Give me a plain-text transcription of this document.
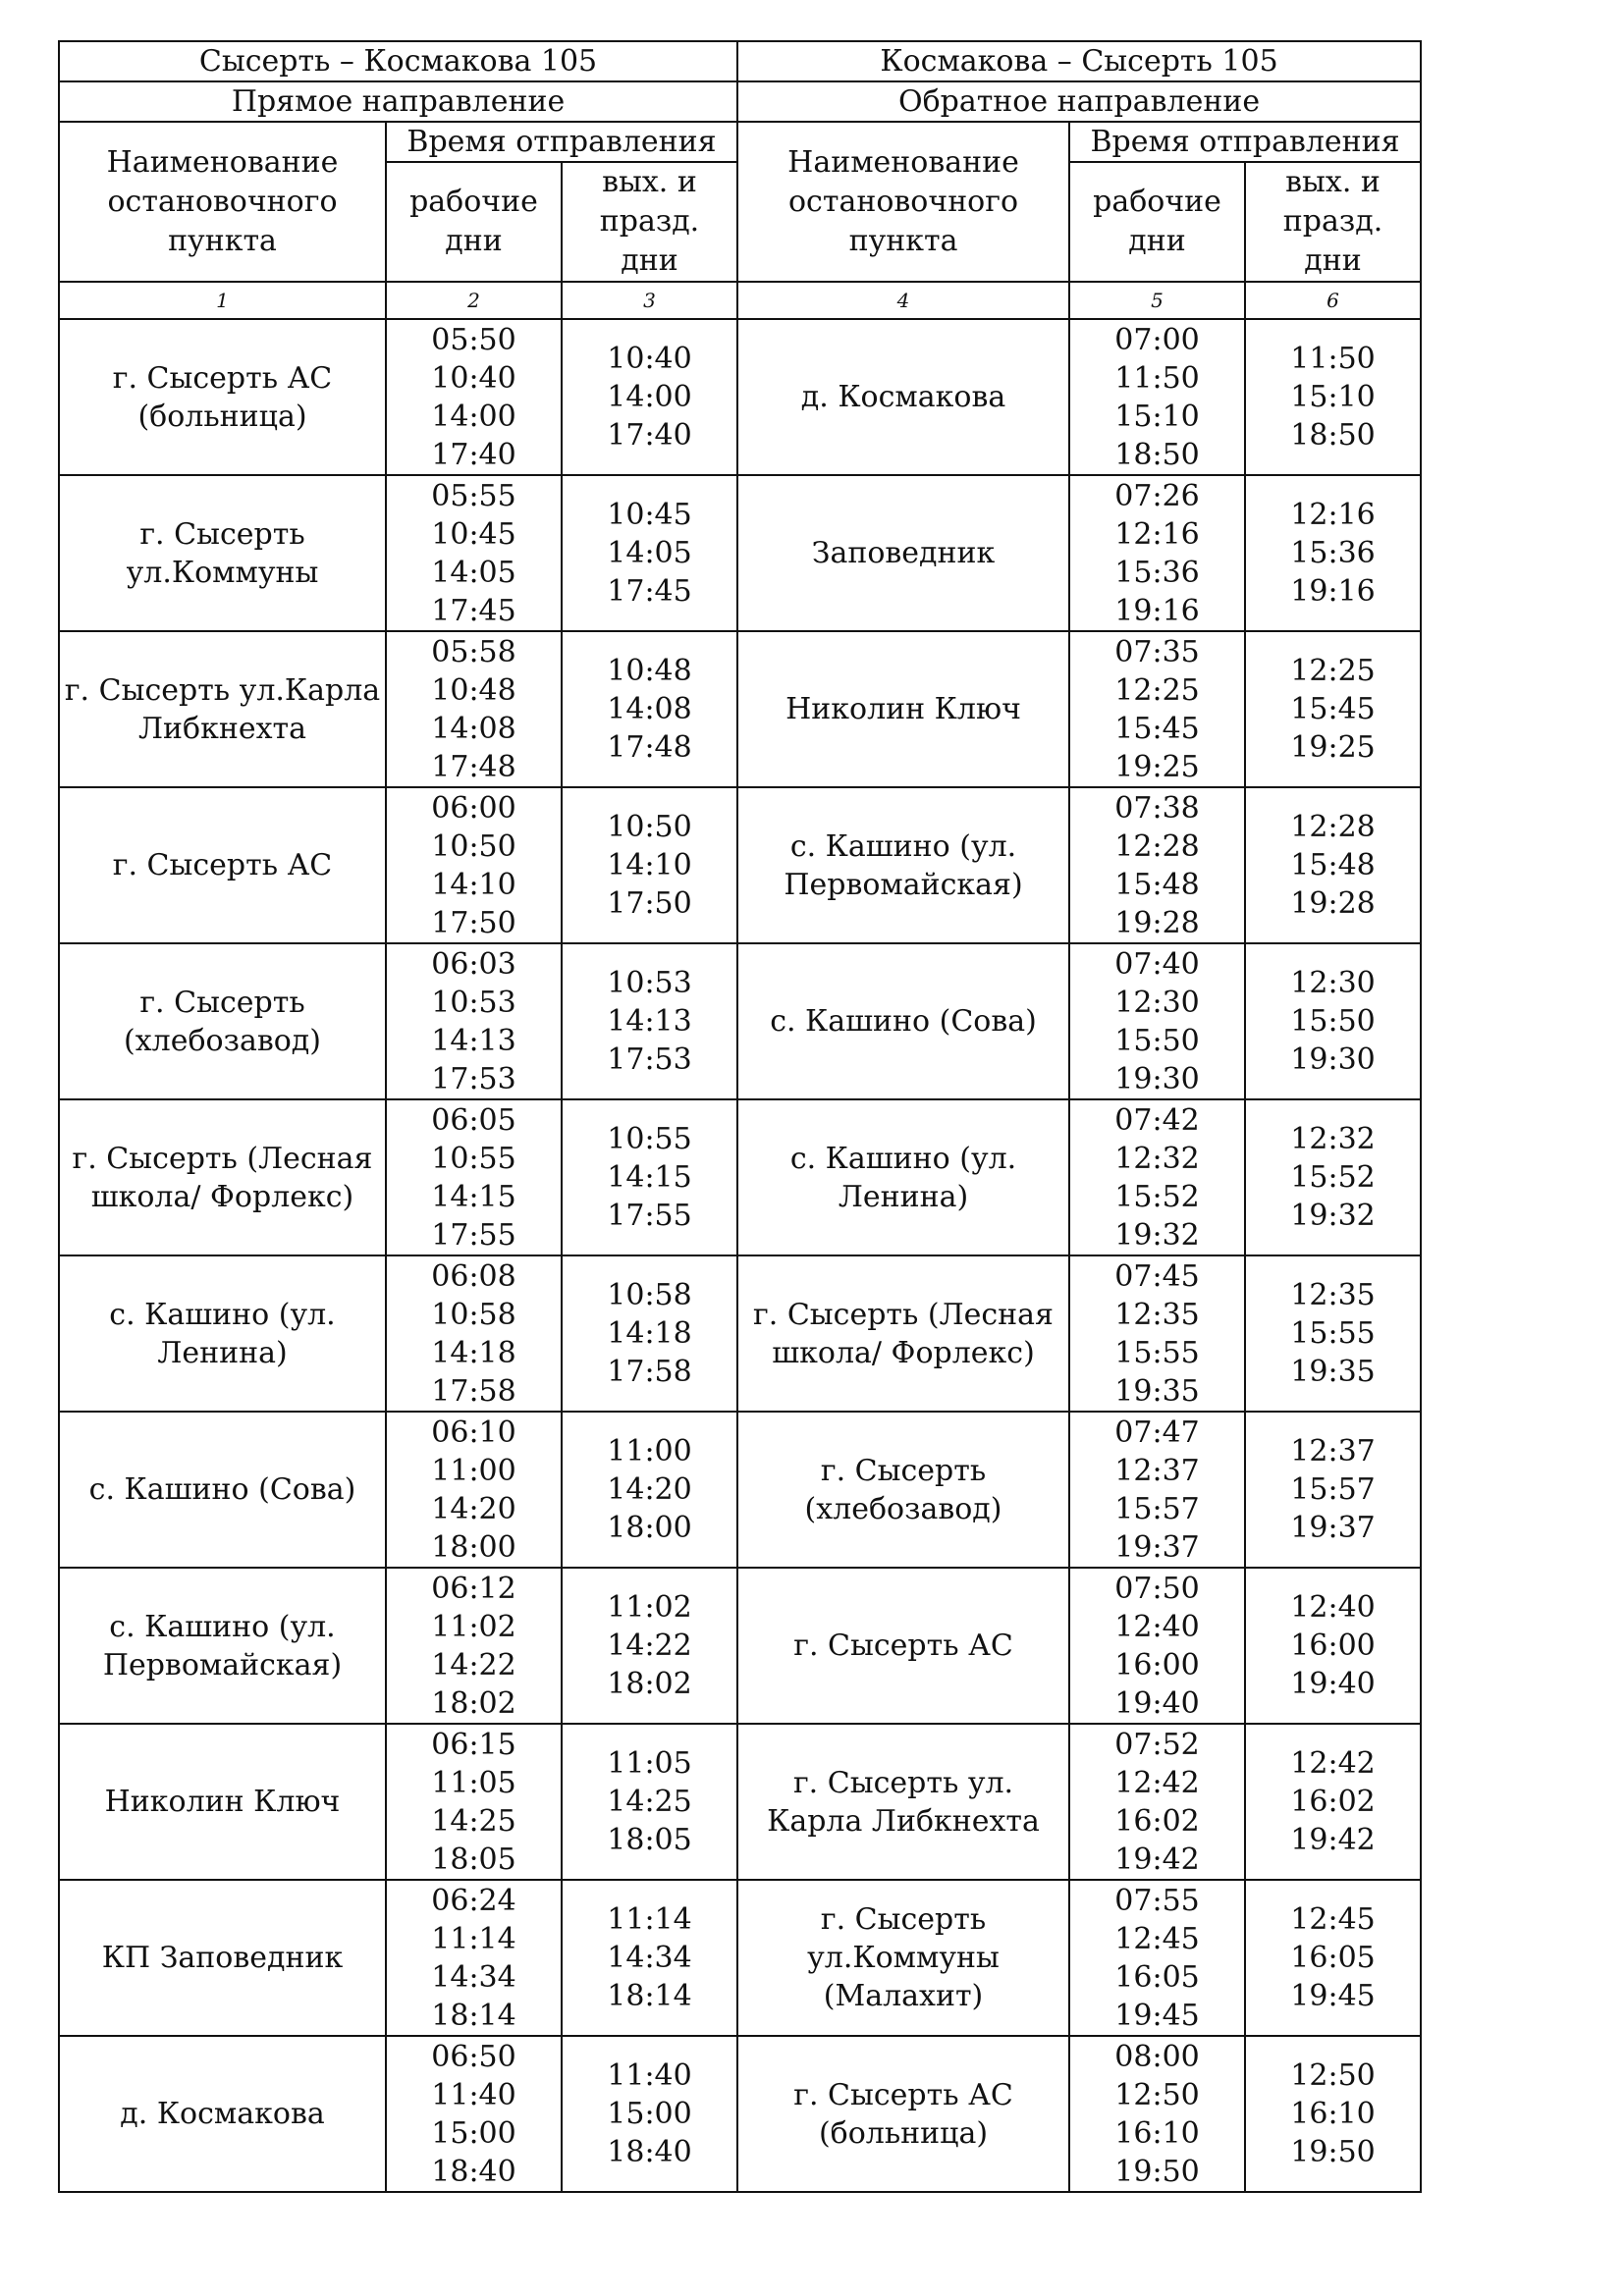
Сысерть – Космакова 105			Космакова – Сысерть 105		
Прямое направление			Обратное направление		
Наименование остановочного пункта	Время отправления		Наименование остановочного пункта	Время отправления	
	рабочие дни	вых. и празд. дни		рабочие дни	вых. и празд. дни
1	2	3	4	5	6
г. Сысерть АС (больница)	05:50
10:40
14:00
17:40	10:40
14:00
17:40	д. Космакова	07:00
11:50
15:10
18:50	11:50
15:10
18:50

г. Сысерть ул.Коммуны	05:55
10:45
14:05
17:45	10:45
14:05
17:45	Заповедник	07:26
12:16
15:36
19:16	12:16
15:36
19:16

г. Сысерть ул.Карла Либкнехта	05:58
10:48
14:08
17:48	10:48
14:08
17:48	Николин Ключ	07:35
12:25
15:45
19:25	12:25
15:45
19:25

г. Сысерть АС	06:00
10:50
14:10
17:50	10:50
14:10
17:50	с. Кашино (ул. Первомайская)	07:38
12:28
15:48
19:28	12:28
15:48
19:28

г. Сысерть (хлебозавод)	06:03
10:53
14:13
17:53	10:53
14:13
17:53	с. Кашино (Сова)	07:40
12:30
15:50
19:30	12:30
15:50
19:30

г. Сысерть (Лесная школа/ Форлекс)	06:05
10:55
14:15
17:55	10:55
14:15
17:55	с. Кашино (ул. Ленина)	07:42
12:32
15:52
19:32	12:32
15:52
19:32

с. Кашино (ул. Ленина)	06:08
10:58
14:18
17:58	10:58
14:18
17:58	г. Сысерть (Лесная школа/ Форлекс)	07:45
12:35
15:55
19:35	12:35
15:55
19:35

с. Кашино (Сова)	06:10
11:00
14:20
18:00	11:00
14:20
18:00	г. Сысерть (хлебозавод)	07:47
12:37
15:57
19:37	12:37
15:57
19:37

с. Кашино (ул. Первомайская)	06:12
11:02
14:22
18:02	11:02
14:22
18:02	г. Сысерть АС	07:50
12:40
16:00
19:40	12:40
16:00
19:40

Николин Ключ	06:15
11:05
14:25
18:05	11:05
14:25
18:05	г. Сысерть ул. Карла Либкнехта	07:52
12:42
16:02
19:42	12:42
16:02
19:42

КП Заповедник	06:24
11:14
14:34
18:14	11:14
14:34
18:14	г. Сысерть ул.Коммуны (Малахит)	07:55
12:45
16:05
19:45	12:45
16:05
19:45

д. Космакова	06:50
11:40
15:00
18:40	11:40
15:00
18:40	г. Сысерть АС (больница)	08:00
12:50
16:10
19:50	12:50
16:10
19:50
